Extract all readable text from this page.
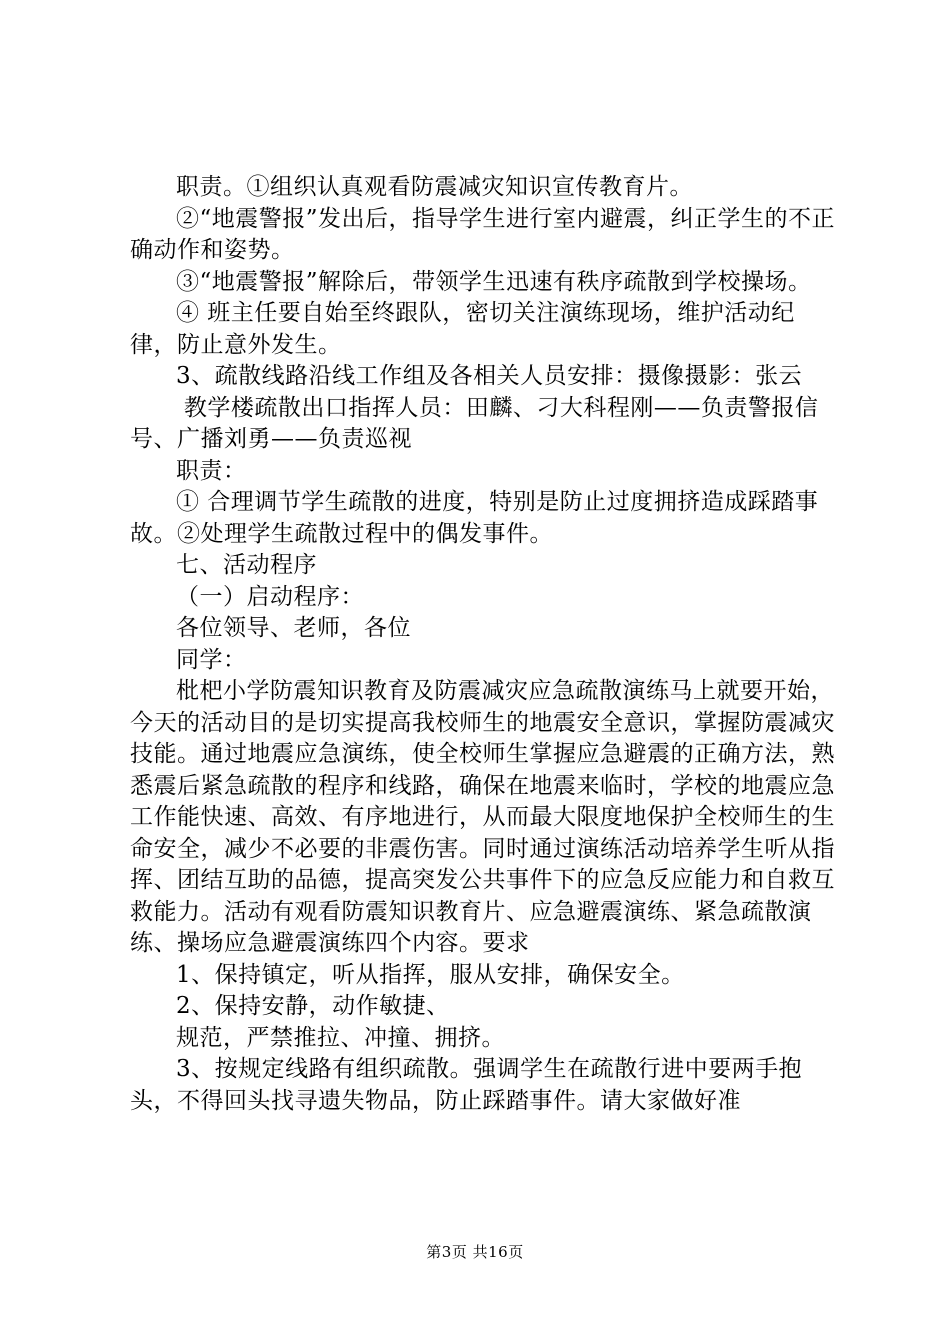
职责。①组织认真观看防震减灾知识宣传教育片。

②“地震警报”发出后，指导学生进行室内避震，纠正学生的不正确动作和姿势。

③“地震警报”解除后，带领学生迅速有秩序疏散到学校操场。

④ 班主任要自始至终跟队，密切关注演练现场，维护活动纪律，防止意外发生。

3、疏散线路沿线工作组及各相关人员安排：摄像摄影：张云

教学楼疏散出口指挥人员：田麟、刁大科程刚——负责警报信号、广播刘勇——负责巡视

职责：

① 合理调节学生疏散的进度，特别是防止过度拥挤造成踩踏事故。②处理学生疏散过程中的偶发事件。

七、活动程序

（一）启动程序：

各位领导、老师，各位

同学：

枇杷小学防震知识教育及防震减灾应急疏散演练马上就要开始，今天的活动目的是切实提高我校师生的地震安全意识，掌握防震减灾技能。通过地震应急演练，使全校师生掌握应急避震的正确方法，熟悉震后紧急疏散的程序和线路，确保在地震来临时，学校的地震应急工作能快速、高效、有序地进行，从而最大限度地保护全校师生的生命安全，减少不必要的非震伤害。同时通过演练活动培养学生听从指挥、团结互助的品德，提高突发公共事件下的应急反应能力和自救互救能力。活动有观看防震知识教育片、应急避震演练、紧急疏散演练、操场应急避震演练四个内容。要求

1、保持镇定，听从指挥，服从安排，确保安全。

2、保持安静，动作敏捷、

规范，严禁推拉、冲撞、拥挤。

3、按规定线路有组织疏散。强调学生在疏散行进中要两手抱头，不得回头找寻遗失物品，防止踩踏事件。请大家做好准

第3页 共16页
